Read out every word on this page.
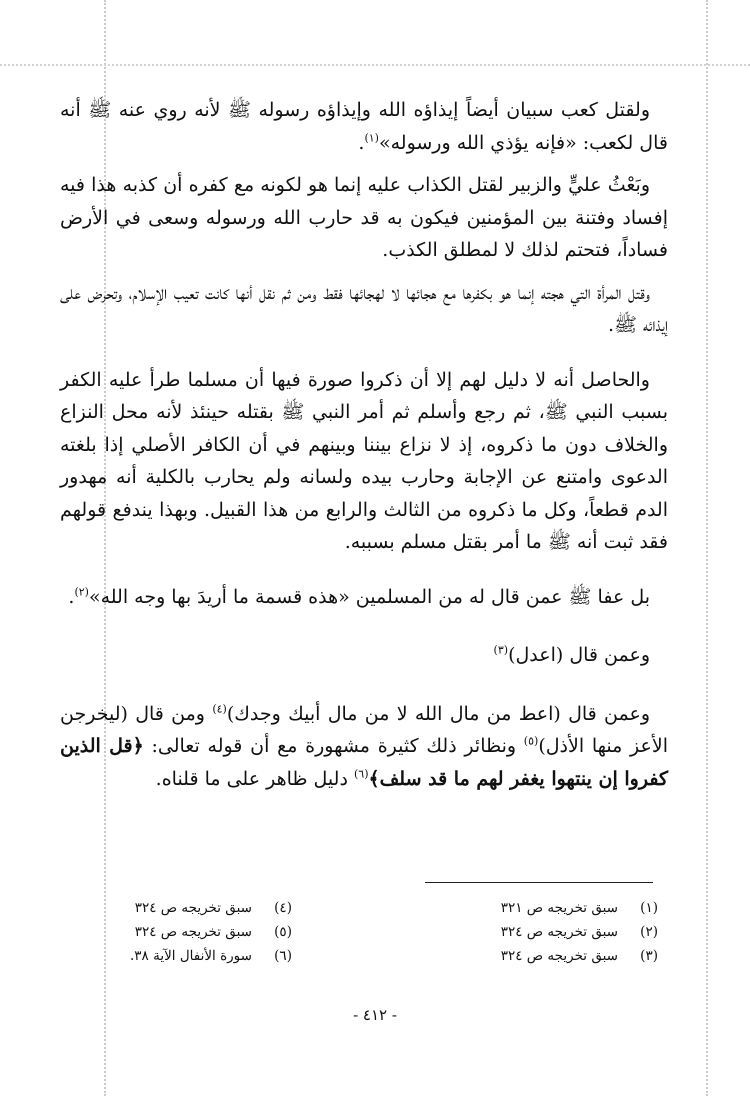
ولقتل كعب سبيان أيضاً إيذاؤه الله وإيذاؤه رسوله ﷺ لأنه روي عنه ﷺ أنه قال لكعب: «فإنه يؤذي الله ورسوله»$^{(١)}$.

وبَعْثُ عليٍّ والزبير لقتل الكذاب عليه إنما هو لكونه مع كفره أن كذبه هذا فيه إفساد وفتنة بين المؤمنين فيكون به قد حارب الله ورسوله وسعى في الأرض فساداً، فتحتم لذلك لا لمطلق الكذب.

وقتل المرأة التي هجته إنما هو بكفرها مع هجائها لا لهجائها فقط ومن ثم نقل أنها كانت تعيب الإسلام، وتحرض على إيذائه ﷺ.

والحاصل أنه لا دليل لهم إلا أن ذكروا صورة فيها أن مسلما طرأ عليه الكفر بسبب النبي ﷺ، ثم رجع وأسلم ثم أمر النبي ﷺ بقتله حينئذ لأنه محل النزاع والخلاف دون ما ذكروه، إذ لا نزاع بيننا وبينهم في أن الكافر الأصلي إذا بلغته الدعوى وامتنع عن الإجابة وحارب بيده ولسانه ولم يحارب بالكلية أنه مهدور الدم قطعاً، وكل ما ذكروه من الثالث والرابع من هذا القبيل. وبهذا يندفع قولهم فقد ثبت أنه ﷺ ما أمر بقتل مسلم بسببه.

بل عفا ﷺ عمن قال له من المسلمين «هذه قسمة ما أريدَ بها وجه الله»$^{(٢)}$.

وعمن قال (اعدل)$^{(٣)}$

وعمن قال (اعط من مال الله لا من مال أبيك وجدك)$^{(٤)}$ ومن قال (ليخرجن الأعز منها الأذل)$^{(٥)}$ ونظائر ذلك كثيرة مشهورة مع أن قوله تعالى: ﴿قل الذين كفروا إن ينتهوا يغفر لهم ما قد سلف﴾$^{(٦)}$ دليل ظاهر على ما قلناه.

(١)سبق تخريجه ص ٣٢١
(٢)سبق تخريجه ص ٣٢٤
(٣)سبق تخريجه ص ٣٢٤
(٤)سبق تخريجه ص ٣٢٤
(٥)سبق تخريجه ص ٣٢٤
(٦)سورة الأنفال الآية ٣٨.
- ٤١٢ -
